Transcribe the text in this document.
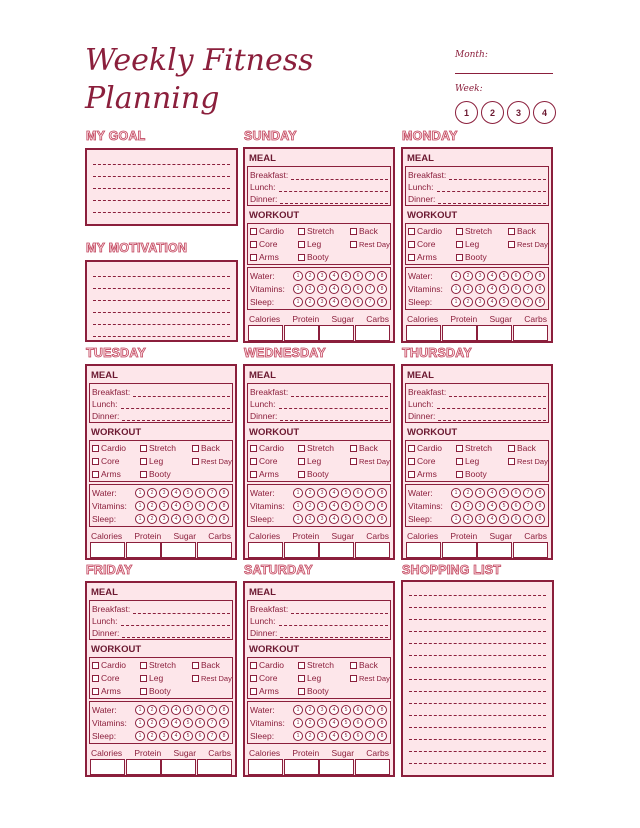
Weekly Fitness
Planning
Month:
Week:
1	2	3	4
MY GOAL
MY MOTIVATION
SHOPPING LIST
SUNDAY	MONDAY
TUESDAY	WEDNESDAY	THURSDAY
FRIDAY	SATURDAY
MEAL
Breakfast:
Lunch:
Dinner:
WORKOUT
Cardio	Stretch	Back
Core	Leg	Rest Day
Arms	Booty
Water:	1	2	3	4	5	6	7	8
Vitamins:	1	2	3	4	5	6	7	8
Sleep:	1	2	3	4	5	6	7	8
Calories Protein Sugar Carbs
MEAL
Breakfast:
Lunch:
Dinner:
WORKOUT
Cardio	Stretch	Back
Core	Leg	Rest Day
Arms	Booty
Water:	1	2	3	4	5	6	7	8
Vitamins:	1	2	3	4	5	6	7	8
Sleep:	1	2	3	4	5	6	7	8
Calories Protein Sugar Carbs
MEAL
Breakfast:
Lunch:
Dinner:
WORKOUT
Cardio	Stretch	Back
Core	Leg	Rest Day
Arms	Booty
Water:	1	2	3	4	5	6	7	8
Vitamins:	1	2	3	4	5	6	7	8
Sleep:	1	2	3	4	5	6	7	8
Calories Protein Sugar Carbs
MEAL
Breakfast:
Lunch:
Dinner:
WORKOUT
Cardio	Stretch	Back
Core	Leg	Rest Day
Arms	Booty
Water:	1	2	3	4	5	6	7	8
Vitamins:	1	2	3	4	5	6	7	8
Sleep:	1	2	3	4	5	6	7	8
Calories Protein Sugar Carbs
MEAL
Breakfast:
Lunch:
Dinner:
WORKOUT
Cardio	Stretch	Back
Core	Leg	Rest Day
Arms	Booty
Water:	1	2	3	4	5	6	7	8
Vitamins:	1	2	3	4	5	6	7	8
Sleep:	1	2	3	4	5	6	7	8
Calories Protein Sugar Carbs
MEAL
Breakfast:
Lunch:
Dinner:
WORKOUT
Cardio	Stretch	Back
Core	Leg	Rest Day
Arms	Booty
Water:	1	2	3	4	5	6	7	8
Vitamins:	1	2	3	4	5	6	7	8
Sleep:	1	2	3	4	5	6	7	8
Calories Protein Sugar Carbs
MEAL
Breakfast:
Lunch:
Dinner:
WORKOUT
Cardio	Stretch	Back
Core	Leg	Rest Day
Arms	Booty
Water:	1	2	3	4	5	6	7	8
Vitamins:	1	2	3	4	5	6	7	8
Sleep:	1	2	3	4	5	6	7	8
Calories Protein Sugar Carbs
